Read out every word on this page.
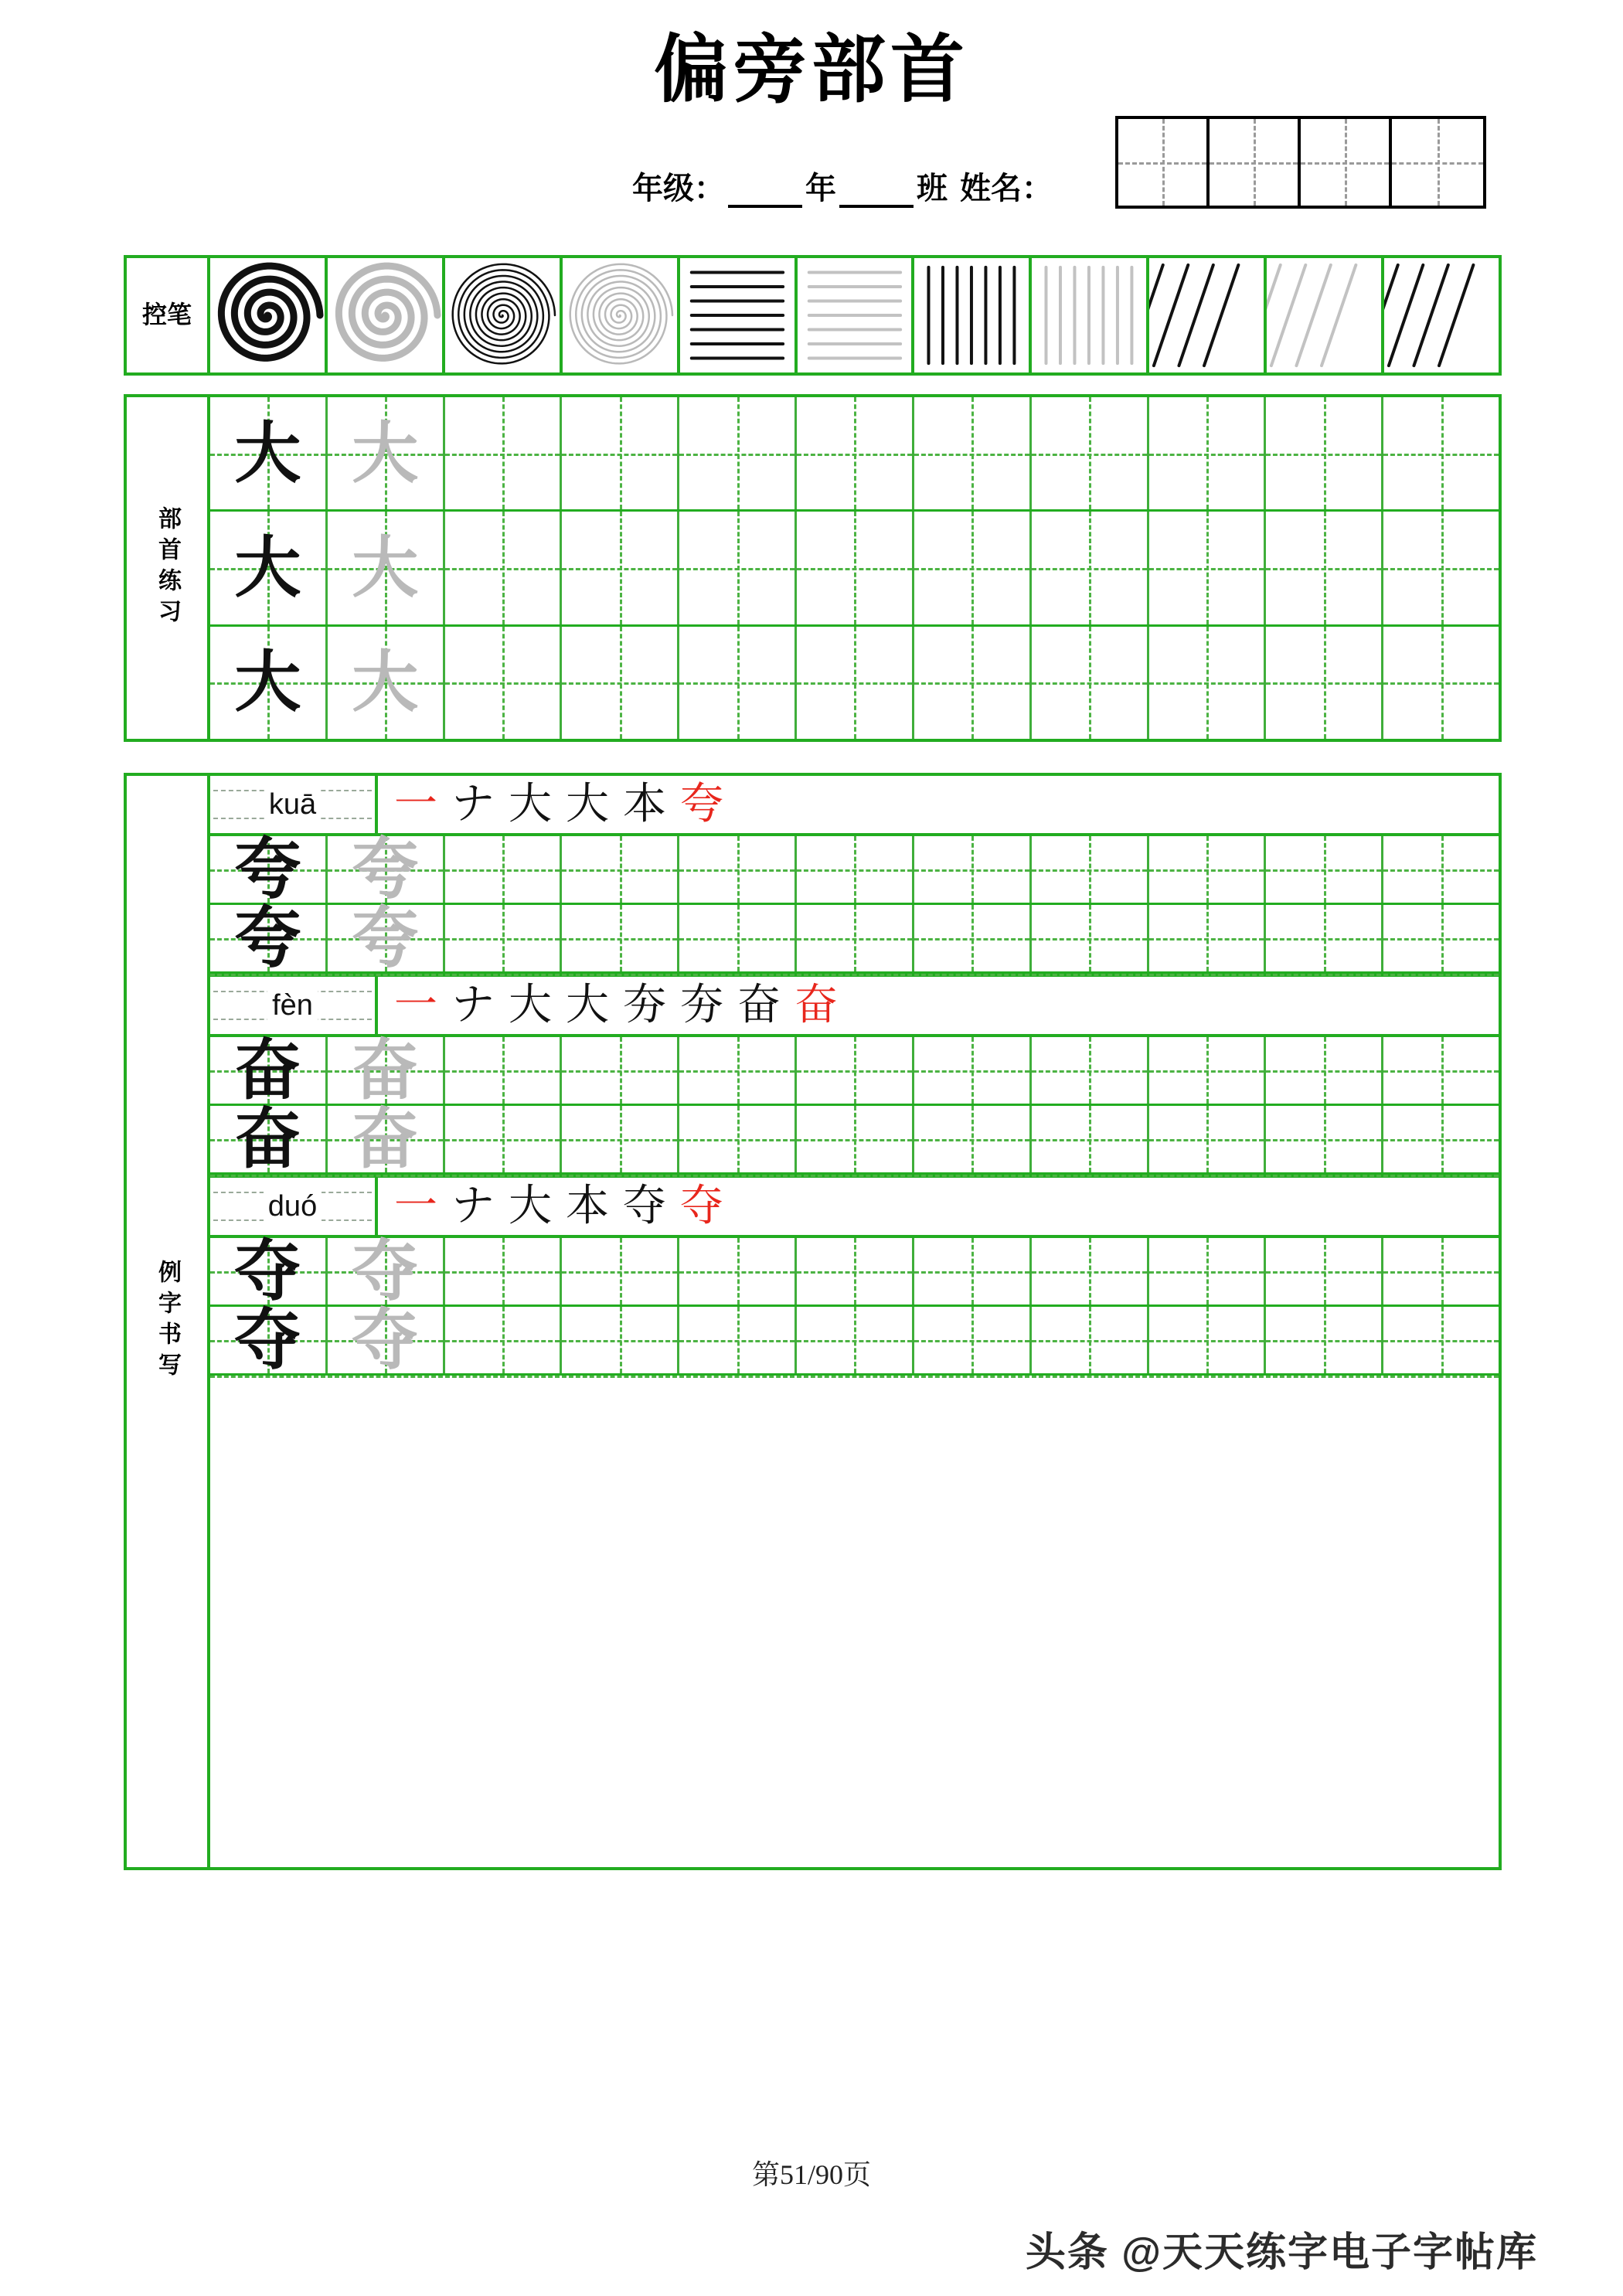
偏旁部首
年级：	年	班 姓名：
控笔
部首练习
大 大
大 大
大 大
例字书写
kuā 一 ナ 大 大 本 夸
夸 夸
夸 夸
fèn 一 ナ 大 大 夯 夯 奋 奋
奋 奋
奋 奋
duó 一 ナ 大 本 夺 夺
夺 夺
夺 夺
第51/90页
头条 @天天练字电子字帖库
